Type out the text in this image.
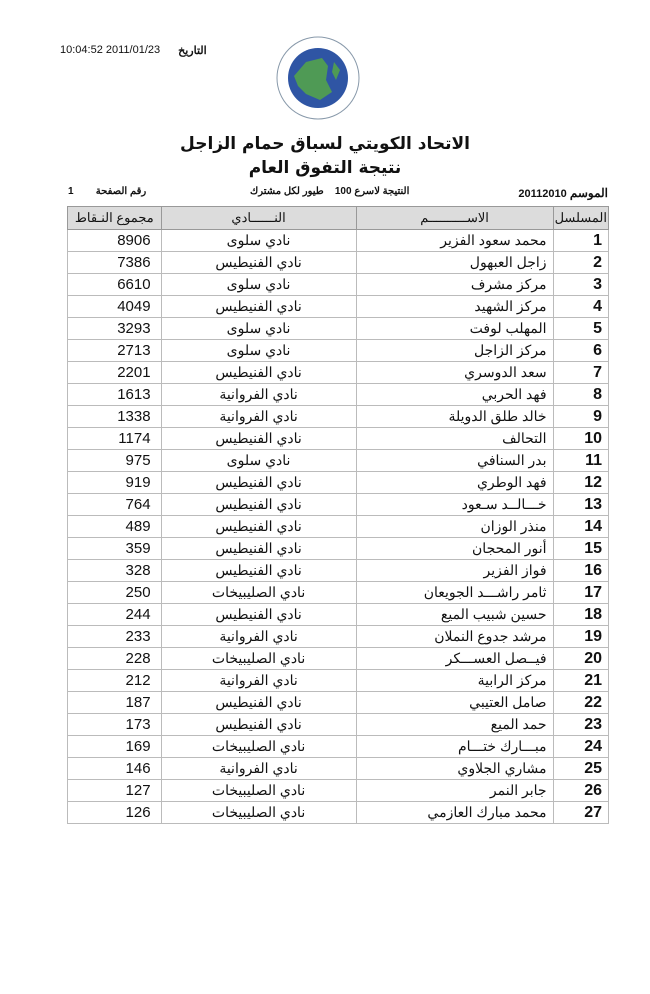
10:04:52 2011/01/23 التاريخ
الاتحاد الكويتي لسباق حمام الزاجل
نتيجة التفوق العام
الموسم 20112010
النتيجة لاسرع 100    طيور لكل مشترك
رقم الصفحة        1
المسلسل	الاســــــــــم	النــــــادي	مجموع النـقاط
1	محمد سعود الفزير	نادي سلوى	8906
2	زاجل العبهول	نادي الفنيطيس	7386
3	مركز مشرف	نادي سلوى	6610
4	مركز الشهيد	نادي الفنيطيس	4049
5	المهلب لوفت	نادي سلوى	3293
6	مركز الزاجل	نادي سلوى	2713
7	سعد الدوسري	نادي الفنيطيس	2201
8	فهد الحربي	نادي الفروانية	1613
9	خالد طلق الدويلة	نادي الفروانية	1338
10	التحالف	نادي الفنيطيس	1174
11	بدر السنافي	نادي سلوى	975
12	فهد الوطري	نادي الفنيطيس	919
13	خـــالــد سـعود	نادي الفنيطيس	764
14	منذر الوزان	نادي الفنيطيس	489
15	أنور المحجان	نادي الفنيطيس	359
16	فواز الفزير	نادي الفنيطيس	328
17	ثامر راشـــد الجويعان	نادي الصليبيخات	250
18	حسين شبيب الميع	نادي الفنيطيس	244
19	مرشد جدوع النملان	نادي الفروانية	233
20	فيــصل العســـكر	نادي الصليبيخات	228
21	مركز الرابية	نادي الفروانية	212
22	صامل العتيبي	نادي الفنيطيس	187
23	حمد الميع	نادي الفنيطيس	173
24	مبـــارك ختـــام	نادي الصليبيخات	169
25	مشاري الجلاوي	نادي الفروانية	146
26	جابر النمر	نادي الصليبيخات	127
27	محمد مبارك العازمي	نادي الصليبيخات	126
